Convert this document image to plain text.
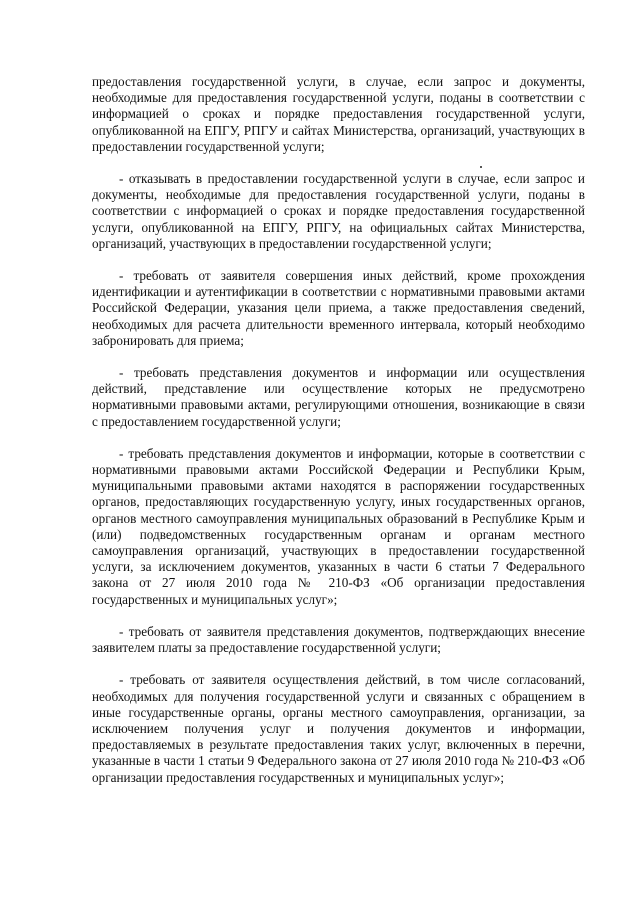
предоставления государственной услуги, в случае, если запрос и документы, необходимые для предоставления государственной услуги, поданы в соответствии с информацией о сроках и порядке предоставления государственной услуги, опубликованной на ЕПГУ, РПГУ и сайтах Министерства, организаций, участвующих в предоставлении государственной услуги;

- отказывать в предоставлении государственной услуги в случае, если запрос и документы, необходимые для предоставления государственной услуги, поданы в соответствии с информацией о сроках и порядке предоставления государственной услуги, опубликованной на ЕПГУ, РПГУ, на официальных сайтах Министерства, организаций, участвующих в предоставлении государственной услуги;

- требовать от заявителя совершения иных действий, кроме прохождения идентификации и аутентификации в соответствии с нормативными правовыми актами Российской Федерации, указания цели приема, а также предоставления сведений, необходимых для расчета длительности временного интервала, который необходимо забронировать для приема;

- требовать представления документов и информации или осуществления действий, представление или осуществление которых не предусмотрено нормативными правовыми актами, регулирующими отношения, возникающие в связи с предоставлением государственной услуги;

- требовать представления документов и информации, которые в соответствии с нормативными правовыми актами Российской Федерации и Республики Крым, муниципальными правовыми актами находятся в распоряжении государственных органов, предоставляющих государственную услугу, иных государственных органов, органов местного самоуправления муниципальных образований в Республике Крым и (или) подведомственных государственным органам и органам местного самоуправления организаций, участвующих в предоставлении государственной услуги, за исключением документов, указанных в части 6 статьи 7 Федерального закона от 27 июля 2010 года № 210-ФЗ «Об организации предоставления государственных и муниципальных услуг»;

- требовать от заявителя представления документов, подтверждающих внесение заявителем платы за предоставление государственной услуги;

- требовать от заявителя осуществления действий, в том числе согласований, необходимых для получения государственной услуги и связанных с обращением в иные государственные органы, органы местного самоуправления, организации, за исключением получения услуг и получения документов и информации, предоставляемых в результате предоставления таких услуг, включенных в перечни, указанные в части 1 статьи 9 Федерального закона от 27 июля 2010 года № 210-ФЗ «Об организации предоставления государственных и муниципальных услуг»;
